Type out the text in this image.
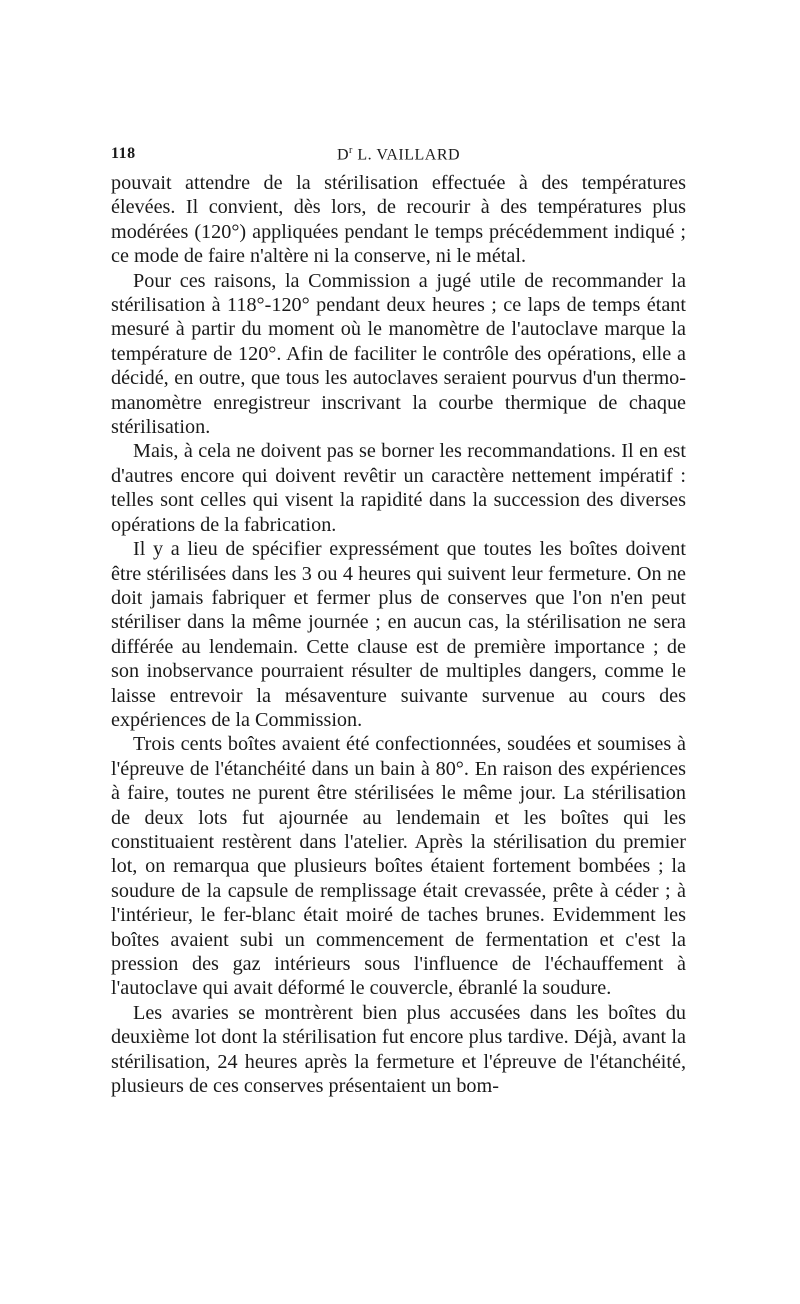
118	$D^r$ L. VAILLARD

pouvait attendre de la stérilisation effectuée à des températures élevées. Il convient, dès lors, de recourir à des températures plus modérées (120°) appliquées pendant le temps précédemment indiqué ; ce mode de faire n'altère ni la conserve, ni le métal.

Pour ces raisons, la Commission a jugé utile de recommander la stérilisation à 118°-120° pendant deux heures ; ce laps de temps étant mesuré à partir du moment où le manomètre de l'autoclave marque la température de 120°. Afin de faciliter le contrôle des opérations, elle a décidé, en outre, que tous les autoclaves seraient pourvus d'un thermo-manomètre enregistreur inscrivant la courbe thermique de chaque stérilisation.

Mais, à cela ne doivent pas se borner les recommandations. Il en est d'autres encore qui doivent revêtir un caractère nettement impératif : telles sont celles qui visent la rapidité dans la succession des diverses opérations de la fabrication.

Il y a lieu de spécifier expressément que toutes les boîtes doivent être stérilisées dans les 3 ou 4 heures qui suivent leur fermeture. On ne doit jamais fabriquer et fermer plus de conserves que l'on n'en peut stériliser dans la même journée ; en aucun cas, la stérilisation ne sera différée au lendemain. Cette clause est de première importance ; de son inobservance pourraient résulter de multiples dangers, comme le laisse entrevoir la mésaventure suivante survenue au cours des expériences de la Commission.

Trois cents boîtes avaient été confectionnées, soudées et soumises à l'épreuve de l'étanchéité dans un bain à 80°. En raison des expériences à faire, toutes ne purent être stérilisées le même jour. La stérilisation de deux lots fut ajournée au lendemain et les boîtes qui les constituaient restèrent dans l'atelier. Après la stérilisation du premier lot, on remarqua que plusieurs boîtes étaient fortement bombées ; la soudure de la capsule de remplissage était crevassée, prête à céder ; à l'intérieur, le fer-blanc était moiré de taches brunes. Evidemment les boîtes avaient subi un commencement de fermentation et c'est la pression des gaz intérieurs sous l'influence de l'échauffement à l'autoclave qui avait déformé le couvercle, ébranlé la soudure.

Les avaries se montrèrent bien plus accusées dans les boîtes du deuxième lot dont la stérilisation fut encore plus tardive. Déjà, avant la stérilisation, 24 heures après la fermeture et l'épreuve de l'étanchéité, plusieurs de ces conserves présentaient un bom-
